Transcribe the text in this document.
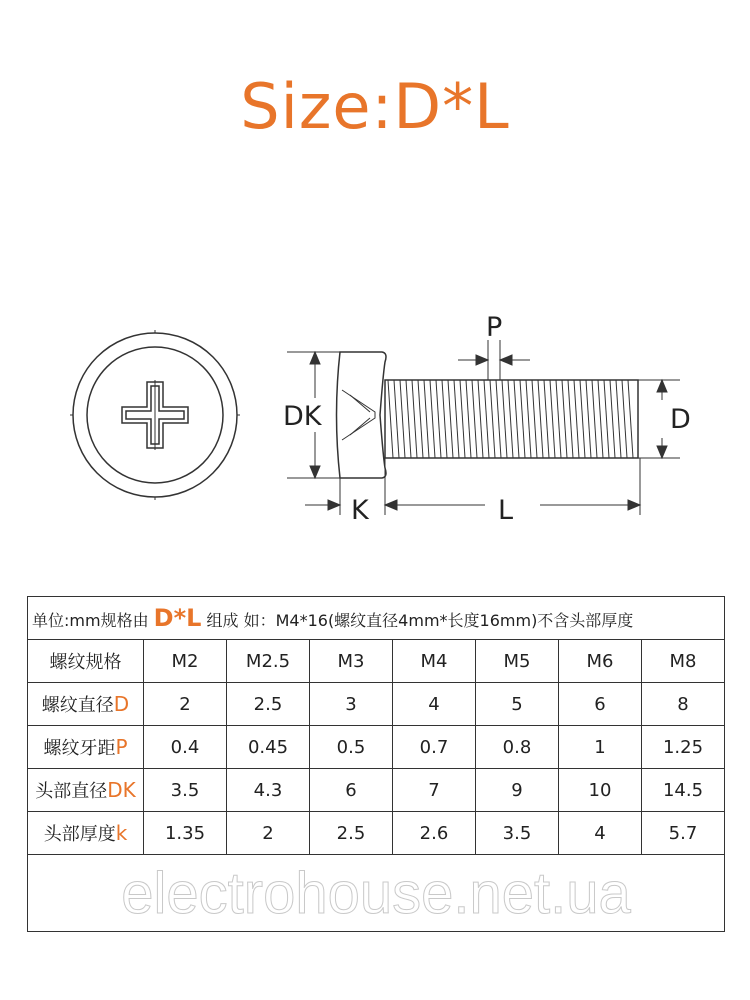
Size:D*L
P
DK	D
K	L
单位:mm规格由 D*L 组成 如：M4*16(螺纹直径4mm*长度16mm)不含头部厚度							
螺纹规格	M2	M2.5	M3	M4	M5	M6	M8
螺纹直径D	2	2.5	3	4	5	6	8
螺纹牙距P	0.4	0.45	0.5	0.7	0.8	1	1.25
头部直径DK	3.5	4.3	6	7	9	10	14.5
头部厚度k	1.35	2	2.5	2.6	3.5	4	5.7
electrohouse.net.ua							
